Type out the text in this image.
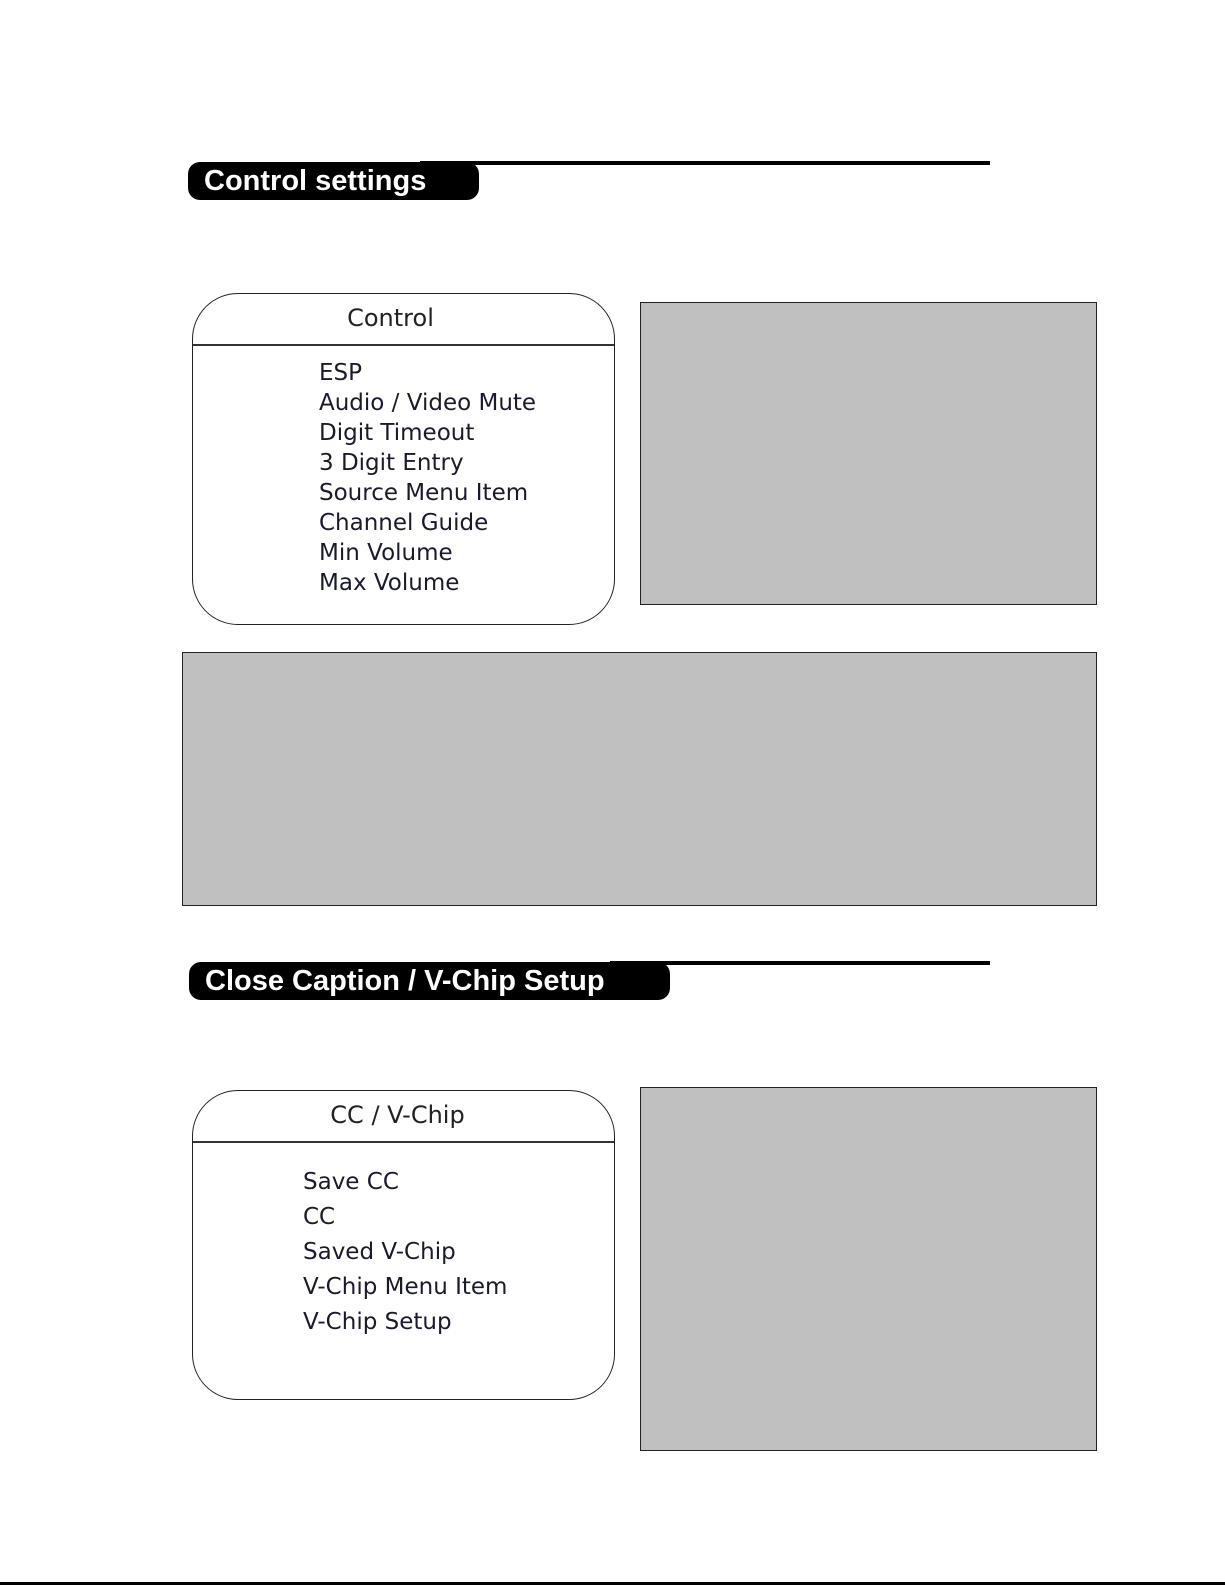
Control settings
Control
ESP
Audio / Video Mute
Digit Timeout
3 Digit Entry
Source Menu Item
Channel Guide
Min Volume
Max Volume
Close Caption / V-Chip Setup
CC / V-Chip
Save CC
CC
Saved V-Chip
V-Chip Menu Item
V-Chip Setup
